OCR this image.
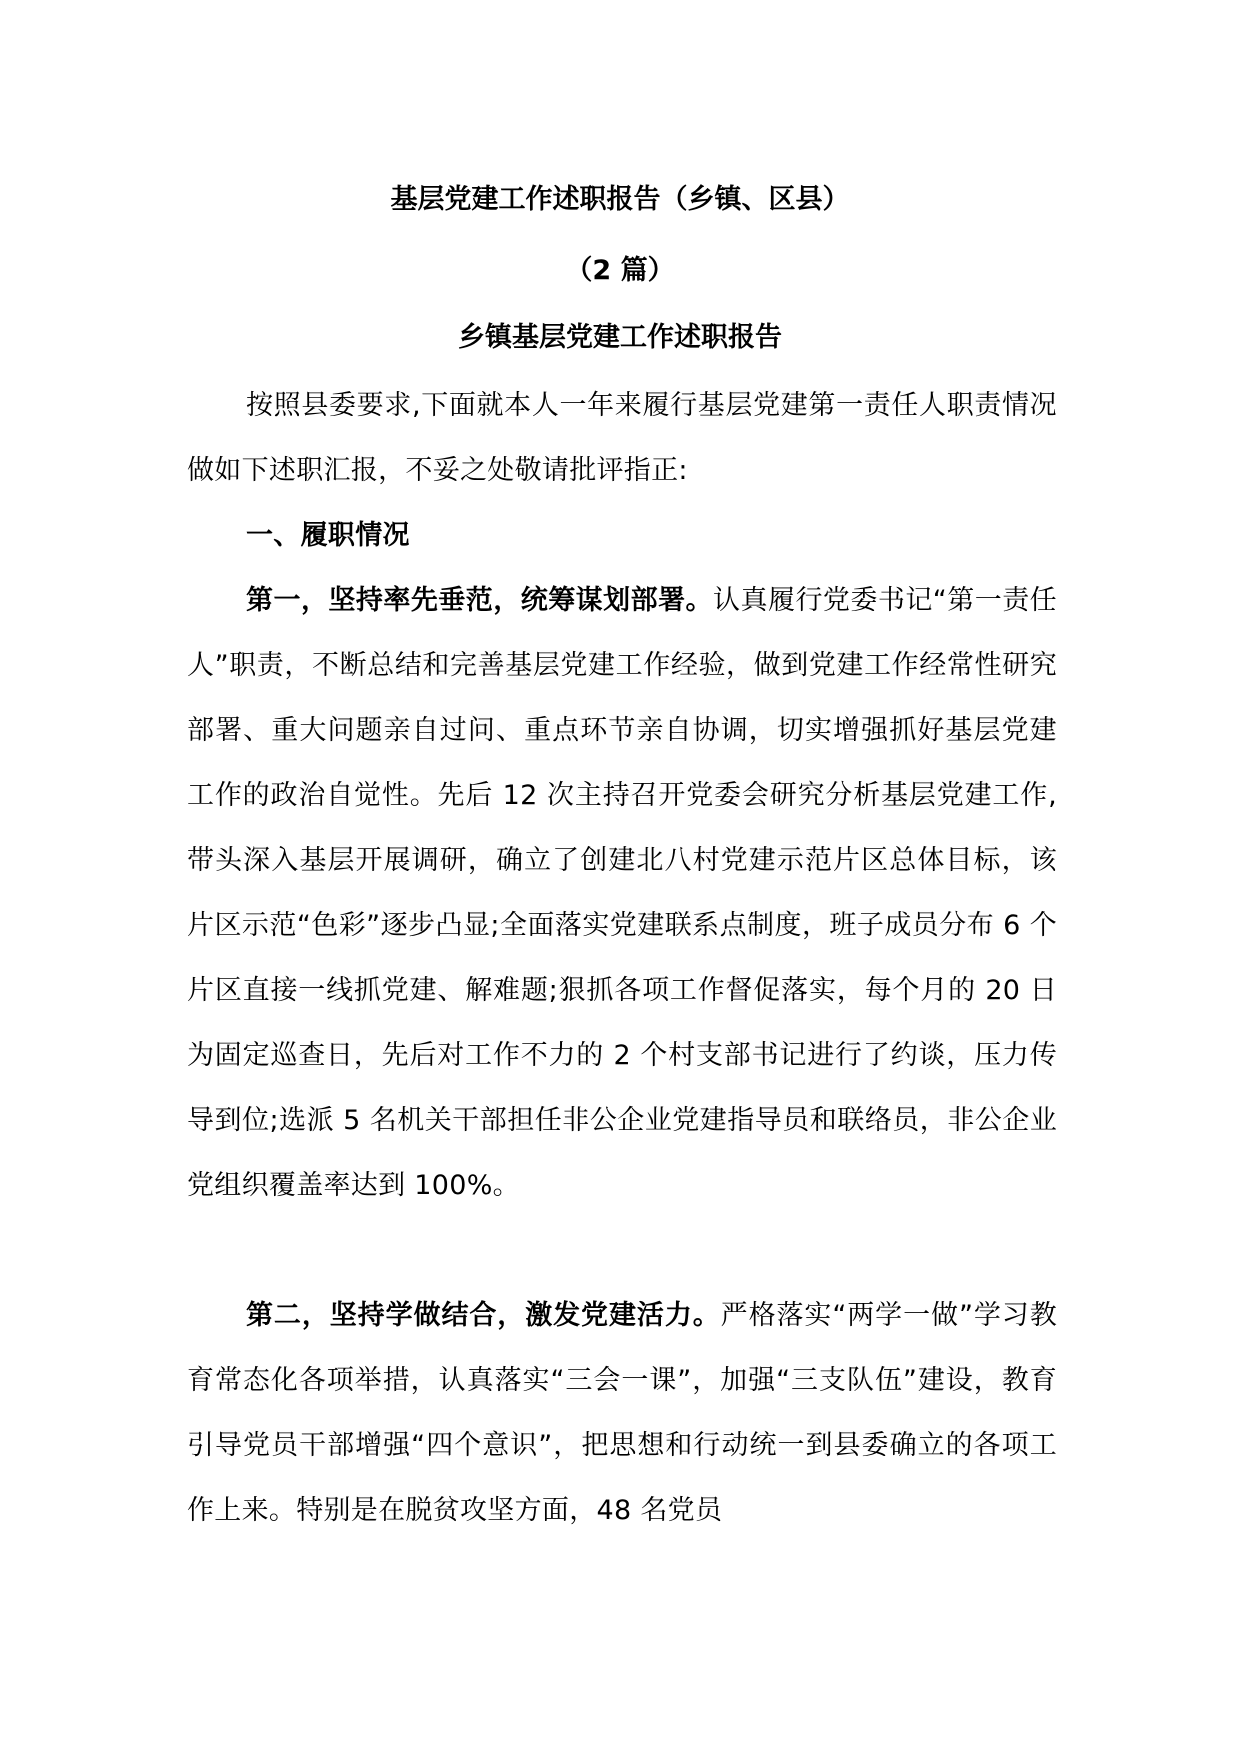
基层党建工作述职报告（乡镇、区县）
（2 篇）
乡镇基层党建工作述职报告
按照县委要求,下面就本人一年来履行基层党建第一责任人职责情况做如下述职汇报，不妥之处敬请批评指正:
一、履职情况
第一，坚持率先垂范，统筹谋划部署。认真履行党委书记“第一责任人”职责，不断总结和完善基层党建工作经验，做到党建工作经常性研究部署、重大问题亲自过问、重点环节亲自协调，切实增强抓好基层党建工作的政治自觉性。先后 12 次主持召开党委会研究分析基层党建工作,带头深入基层开展调研，确立了创建北八村党建示范片区总体目标，该片区示范“色彩”逐步凸显;全面落实党建联系点制度，班子成员分布 6 个片区直接一线抓党建、解难题;狠抓各项工作督促落实，每个月的 20 日为固定巡查日，先后对工作不力的 2 个村支部书记进行了约谈，压力传导到位;选派 5 名机关干部担任非公企业党建指导员和联络员，非公企业党组织覆盖率达到 100%。
第二，坚持学做结合，激发党建活力。严格落实“两学一做”学习教育常态化各项举措，认真落实“三会一课”，加强“三支队伍”建设，教育引导党员干部增强“四个意识”，把思想和行动统一到县委确立的各项工作上来。特别是在脱贫攻坚方面，48 名党员
